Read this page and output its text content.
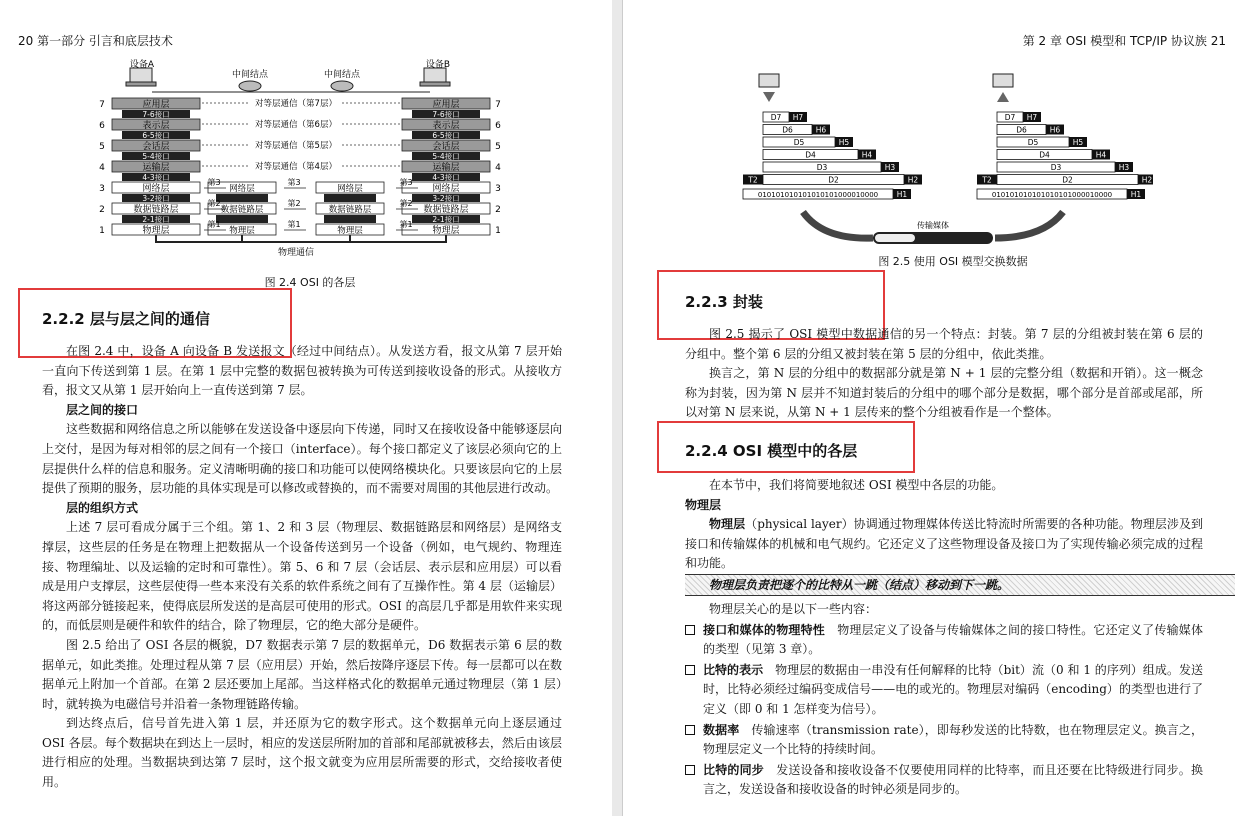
20 第一部分 引言和底层技术
设备A	设备B
中间结点	中间结点
应用层	应用层
7	7
表示层	表示层
6	6
会话层	会话层
5	5
运输层	运输层
4	4
网络层	网络层
3	3
数据链路层	数据链路层
2	2
物理层	物理层
1	1
7-6接口	7-6接口
6-5接口	6-5接口
5-4接口	5-4接口
4-3接口	4-3接口
3-2接口	3-2接口
2-1接口	2-1接口
对等层通信（第7层）
对等层通信（第6层）
对等层通信（第5层）
对等层通信（第4层）
网络层
数据链路层
物理层
网络层
数据链路层
物理层
第3	第3	第3
第2	第2	第2
第1	第1	第1
物理通信
图 2.4 OSI 的各层
2.2.2 层与层之间的通信

在图 2.4 中，设备 A 向设备 B 发送报文（经过中间结点）。从发送方看，报文从第 7 层开始一直向下传送到第 1 层。在第 1 层中完整的数据包被转换为可传送到接收设备的形式。从接收方看，报文又从第 1 层开始向上一直传送到第 7 层。

层之间的接口

这些数据和网络信息之所以能够在发送设备中逐层向下传递，同时又在接收设备中能够逐层向上交付，是因为每对相邻的层之间有一个接口（interface）。每个接口都定义了该层必须向它的上层提供什么样的信息和服务。定义清晰明确的接口和功能可以使网络模块化。只要该层向它的上层提供了预期的服务，层功能的具体实现是可以修改或替换的，而不需要对周围的其他层进行改动。

层的组织方式

上述 7 层可看成分属于三个组。第 1、2 和 3 层（物理层、数据链路层和网络层）是网络支撑层，这些层的任务是在物理上把数据从一个设备传送到另一个设备（例如，电气规约、物理连接、物理编址、以及运输的定时和可靠性）。第 5、6 和 7 层（会话层、表示层和应用层）可以看成是用户支撑层，这些层使得一些本来没有关系的软件系统之间有了互操作性。第 4 层（运输层）将这两部分链接起来，使得底层所发送的是高层可使用的形式。OSI 的高层几乎都是用软件来实现的，而低层则是硬件和软件的结合，除了物理层，它的绝大部分是硬件。

图 2.5 给出了 OSI 各层的概貌，D7 数据表示第 7 层的数据单元，D6 数据表示第 6 层的数据单元，如此类推。处理过程从第 7 层（应用层）开始，然后按降序逐层下传。每一层都可以在数据单元上附加一个首部。在第 2 层还要加上尾部。当这样格式化的数据单元通过物理层（第 1 层）时，就转换为电磁信号并沿着一条物理链路传输。

到达终点后，信号首先进入第 1 层，并还原为它的数字形式。这个数据单元向上逐层通过 OSI 各层。每个数据块在到达上一层时，相应的发送层所附加的首部和尾部就被移去，然后由该层进行相应的处理。当数据块到达第 7 层时，这个报文就变为应用层所需要的形式，交给接收者使用。

第 2 章 OSI 模型和 TCP/IP 协议族 21
D7 H7
D6	H6
D5	H5
D4	H4
D3	H3
T2	D2	H2
010101010101010101000010000 H1
D7 H7
D6	H6
D5	H5
D4	H4
D3	H3
T2	D2	H2
010101010101010101000010000 H1
传输媒体
图 2.5 使用 OSI 模型交换数据
2.2.3 封装

图 2.5 揭示了 OSI 模型中数据通信的另一个特点：封装。第 7 层的分组被封装在第 6 层的分组中。整个第 6 层的分组又被封装在第 5 层的分组中，依此类推。

换言之，第 N 层的分组中的数据部分就是第 N + 1 层的完整分组（数据和开销）。这一概念称为封装，因为第 N 层并不知道封装后的分组中的哪个部分是数据，哪个部分是首部或尾部，所以对第 N 层来说，从第 N + 1 层传来的整个分组被看作是一个整体。

2.2.4 OSI 模型中的各层

在本节中，我们将简要地叙述 OSI 模型中各层的功能。

物理层

物理层（physical layer）协调通过物理媒体传送比特流时所需要的各种功能。物理层涉及到接口和传输媒体的机械和电气规约。它还定义了这些物理设备及接口为了实现传输必须完成的过程和功能。

物理层负责把逐个的比特从一跳（结点）移动到下一跳。
物理层关心的是以下一些内容：
接口和媒体的物理特性　物理层定义了设备与传输媒体之间的接口特性。它还定义了传输媒体的类型（见第 3 章）。
比特的表示　物理层的数据由一串没有任何解释的比特（bit）流（0 和 1 的序列）组成。发送时，比特必须经过编码变成信号——电的或光的。物理层对编码（encoding）的类型也进行了定义（即 0 和 1 怎样变为信号）。
数据率　传输速率（transmission rate），即每秒发送的比特数，也在物理层定义。换言之，物理层定义一个比特的持续时间。
比特的同步　发送设备和接收设备不仅要使用同样的比特率，而且还要在比特级进行同步。换言之，发送设备和接收设备的时钟必须是同步的。
